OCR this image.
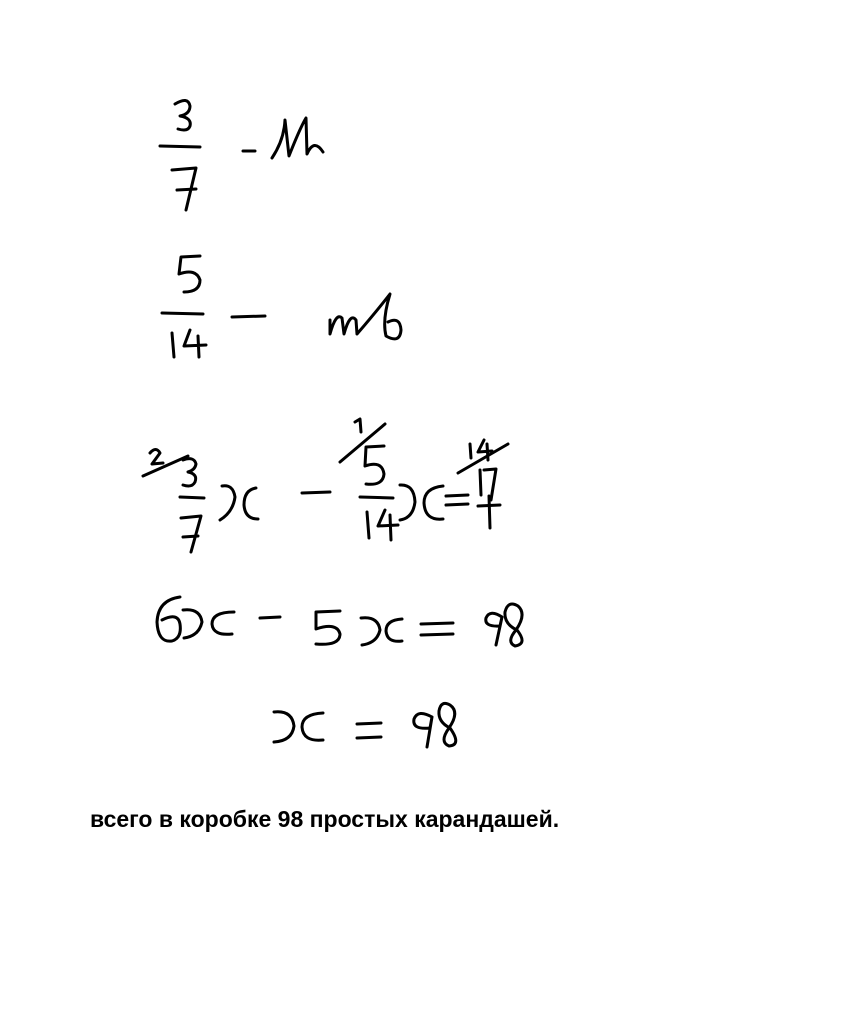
всего в коробке 98 простых карандашей.
